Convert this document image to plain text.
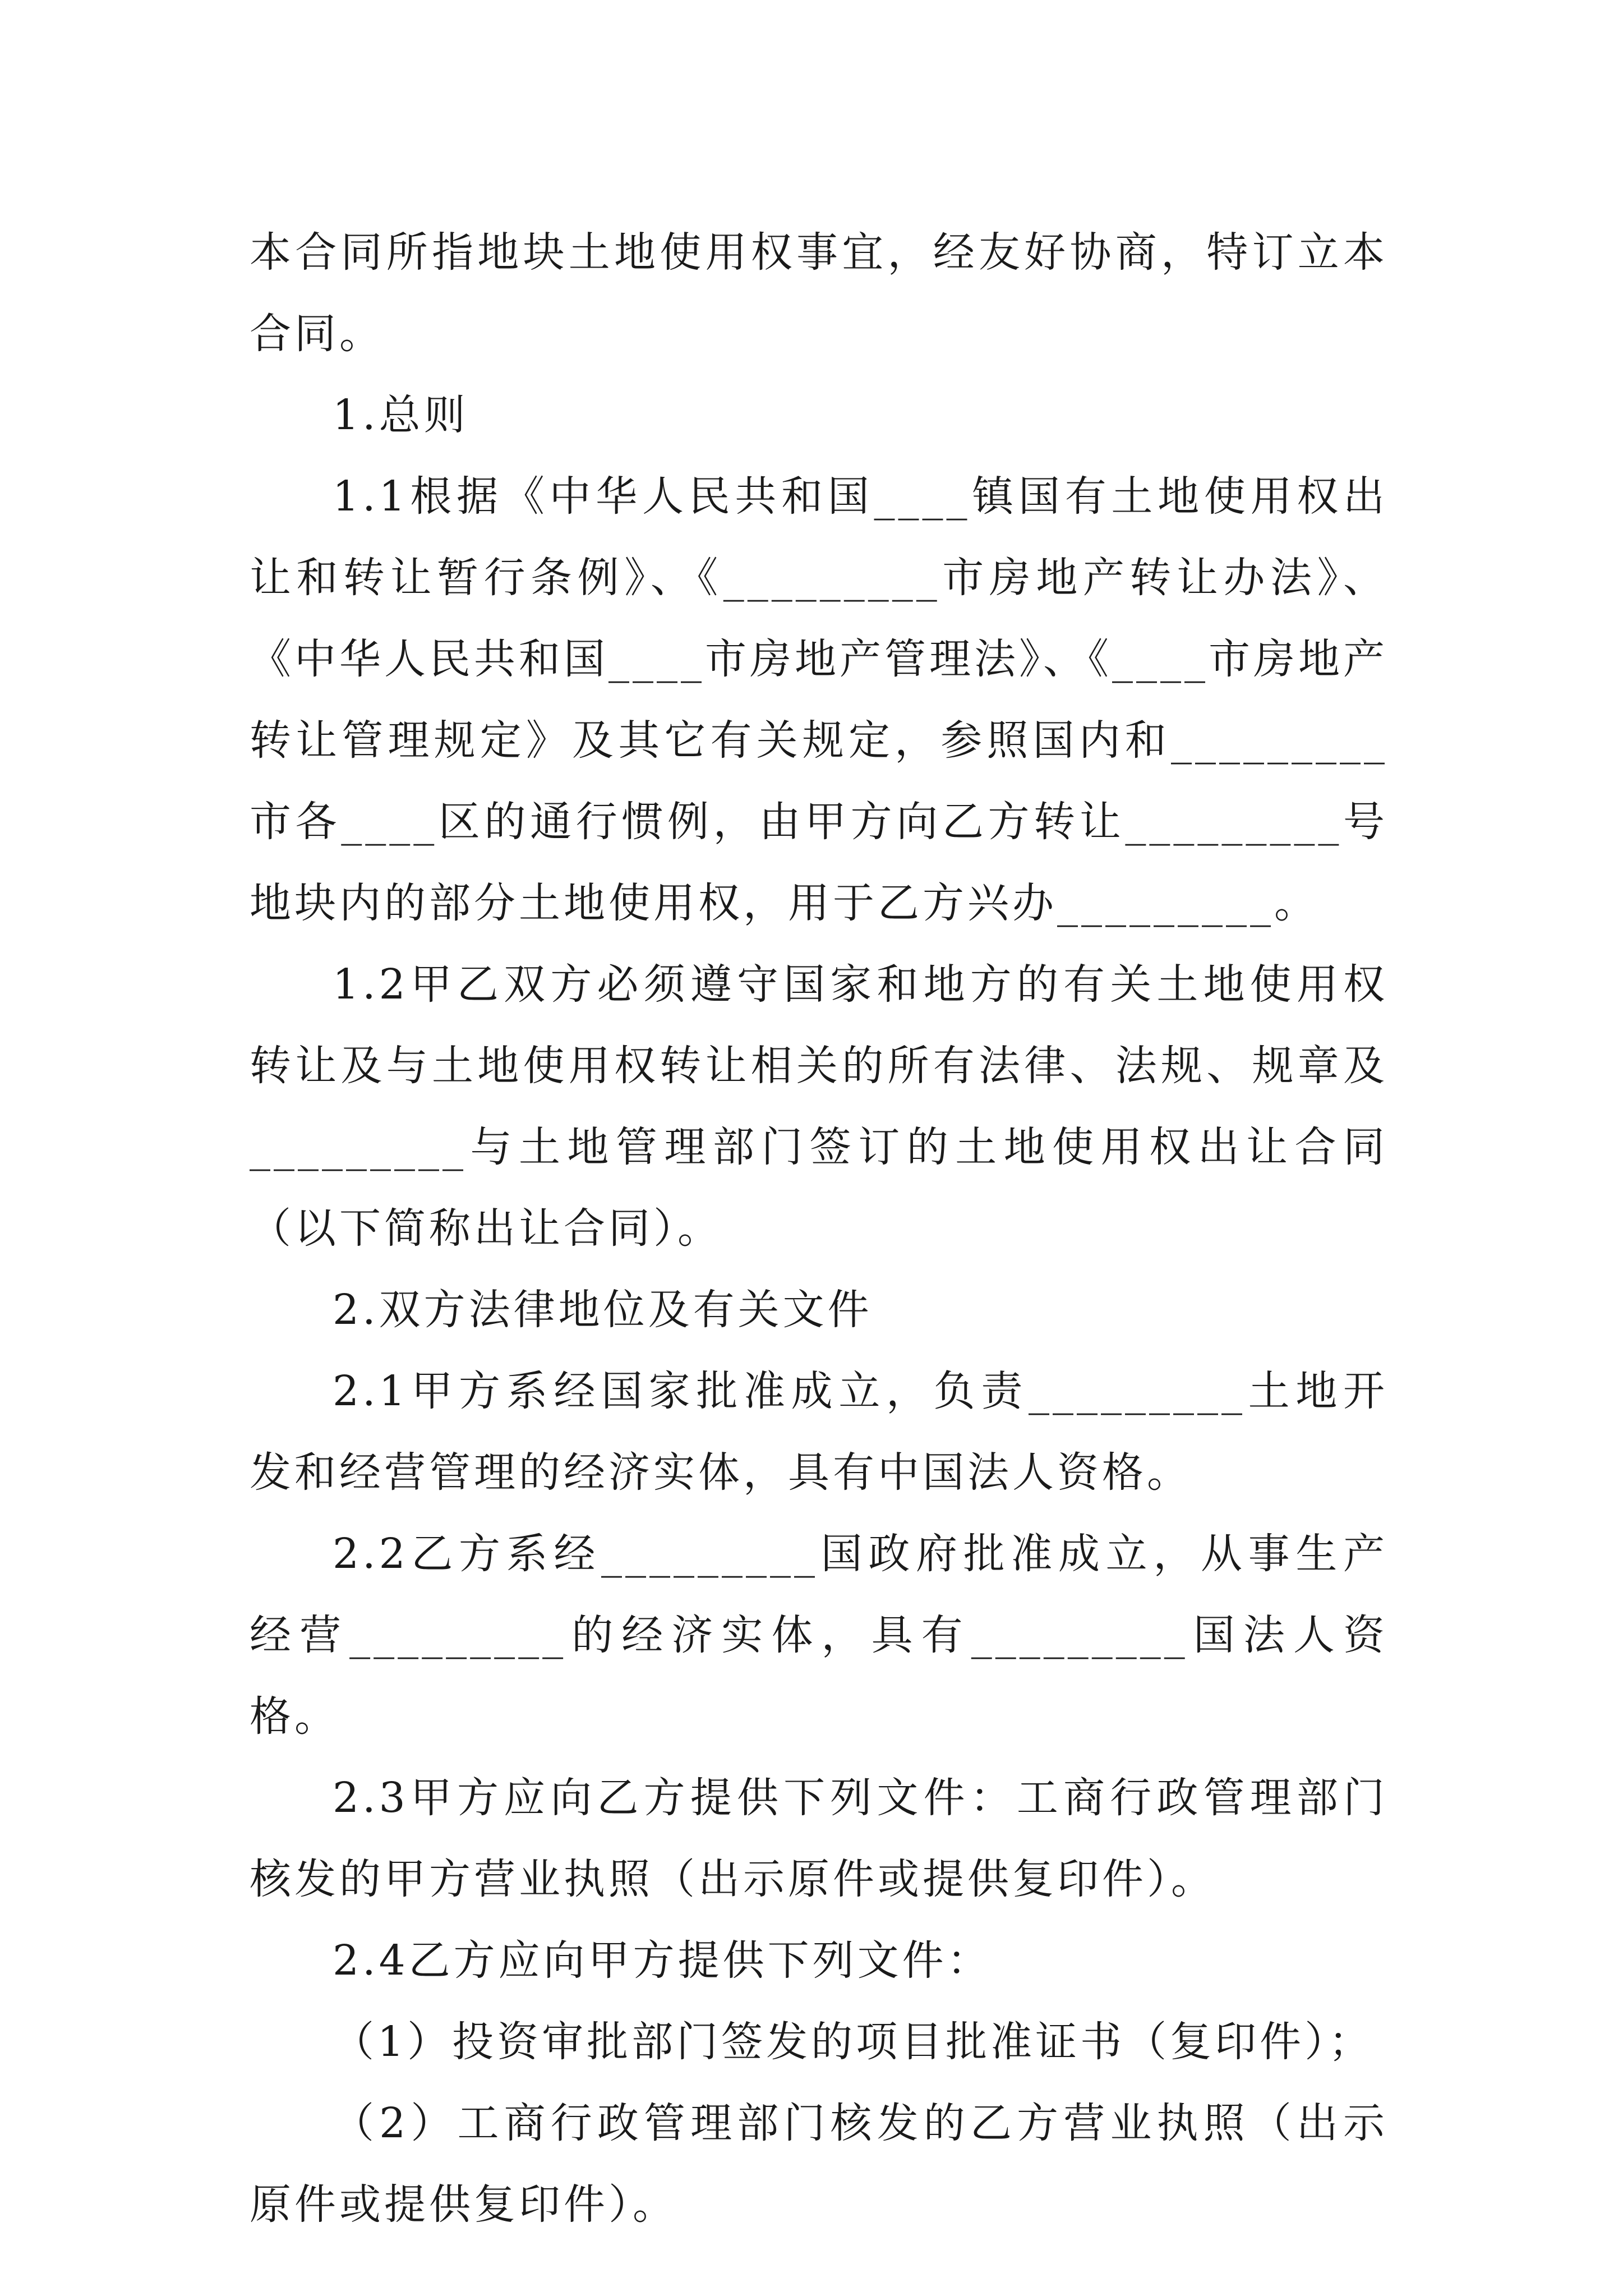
本合同所指地块土地使用权事宜，经友好协商，特订立本合同。

1.总则

1.1根据《中华人民共和国____镇国有土地使用权出让和转让暂行条例》、《_________市房地产转让办法》、《中华人民共和国____市房地产管理法》、《____市房地产转让管理规定》及其它有关规定，参照国内和_________市各____区的通行惯例，由甲方向乙方转让_________号地块内的部分土地使用权，用于乙方兴办_________。

1.2甲乙双方必须遵守国家和地方的有关土地使用权转让及与土地使用权转让相关的所有法律、法规、规章及_________与土地管理部门签订的土地使用权出让合同（以下简称出让合同）。

2.双方法律地位及有关文件

2.1甲方系经国家批准成立，负责_________土地开发和经营管理的经济实体，具有中国法人资格。

2.2乙方系经_________国政府批准成立，从事生产经营_________的经济实体，具有_________国法人资格。

2.3甲方应向乙方提供下列文件：工商行政管理部门核发的甲方营业执照（出示原件或提供复印件）。

2.4乙方应向甲方提供下列文件：

（1）投资审批部门签发的项目批准证书（复印件）；

（2）工商行政管理部门核发的乙方营业执照（出示原件或提供复印件）。
